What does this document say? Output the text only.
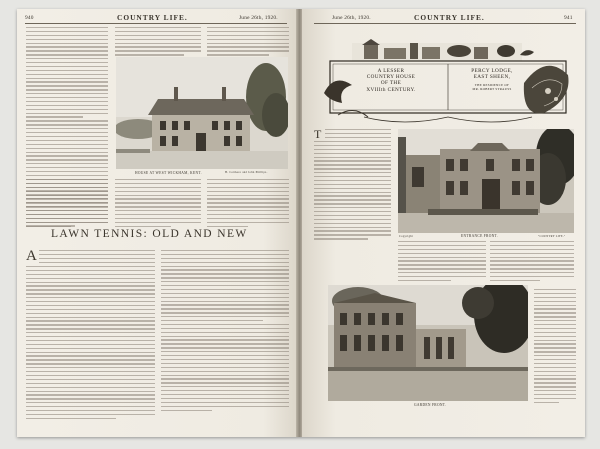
940	COUNTRY LIFE.	June 26th, 1920.
HOUSE AT WEST WICKHAM, KENT.	H. Cotmore and John Phillips.
LAWN TENNIS: OLD AND NEW
A
June 26th, 1920.	COUNTRY LIFE.	941
A LESSER
COUNTRY HOUSE
OF THE
XVIIIth CENTURY.
PERCY LODGE,
EAST SHEEN,
THE RESIDENCE OF
MR. ROBERT STRAUSS
T
Copyright	ENTRANCE FRONT.	"COUNTRY LIFE."
GARDEN FRONT.
